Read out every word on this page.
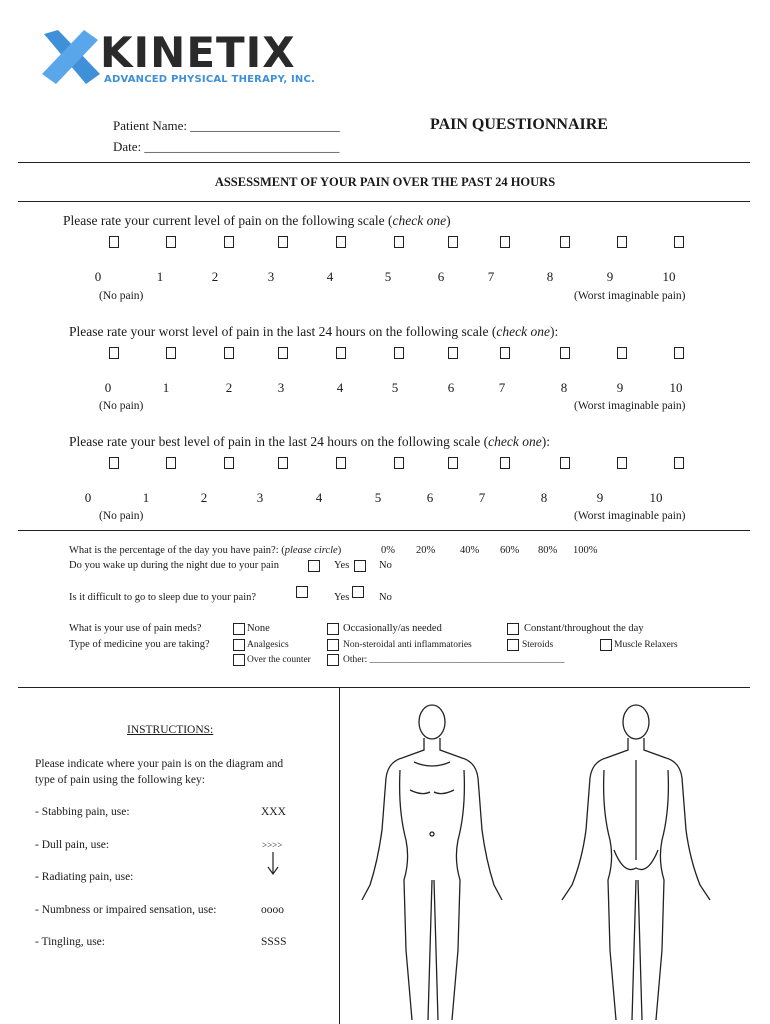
KINETIX
ADVANCED PHYSICAL THERAPY, INC.
Patient Name: _______________________
Date: ______________________________
PAIN QUESTIONNAIRE
ASSESSMENT OF YOUR PAIN OVER THE PAST 24 HOURS
Please rate your current level of pain on the following scale (check one)
0	1	2	3	4	5	6	7	8	9	10
(No pain)	(Worst imaginable pain)
Please rate your worst level of pain in the last 24 hours on the following scale (check one):
0	1	2	3	4	5	6	7	8	9	10
(No pain)	(Worst imaginable pain)
Please rate your best level of pain in the last 24 hours on the following scale (check one):
0	1	2	3	4	5	6	7	8	9	10
(No pain)	(Worst imaginable pain)
What is the percentage of the day you have pain?: (please circle)	0% 20% 40% 60% 80% 100%
Do you wake up during the night due to your pain	Yes	No
Is it difficult to go to sleep due to your pain?	Yes	No
What is your use of pain meds?	None	Occasionally/as needed	Constant/throughout the day
Type of medicine you are taking?	Analgesics	Non-steroidal anti inflammatories	Steroids	Muscle Relaxers
Over the counter	Other: _________________________________________
INSTRUCTIONS:
Please indicate where your pain is on the diagram and
type of pain using the following key:
- Stabbing pain, use:	XXX
- Dull pain, use:	>>>>
- Radiating pain, use:
- Numbness or impaired sensation, use:	oooo
- Tingling, use:	SSSS
